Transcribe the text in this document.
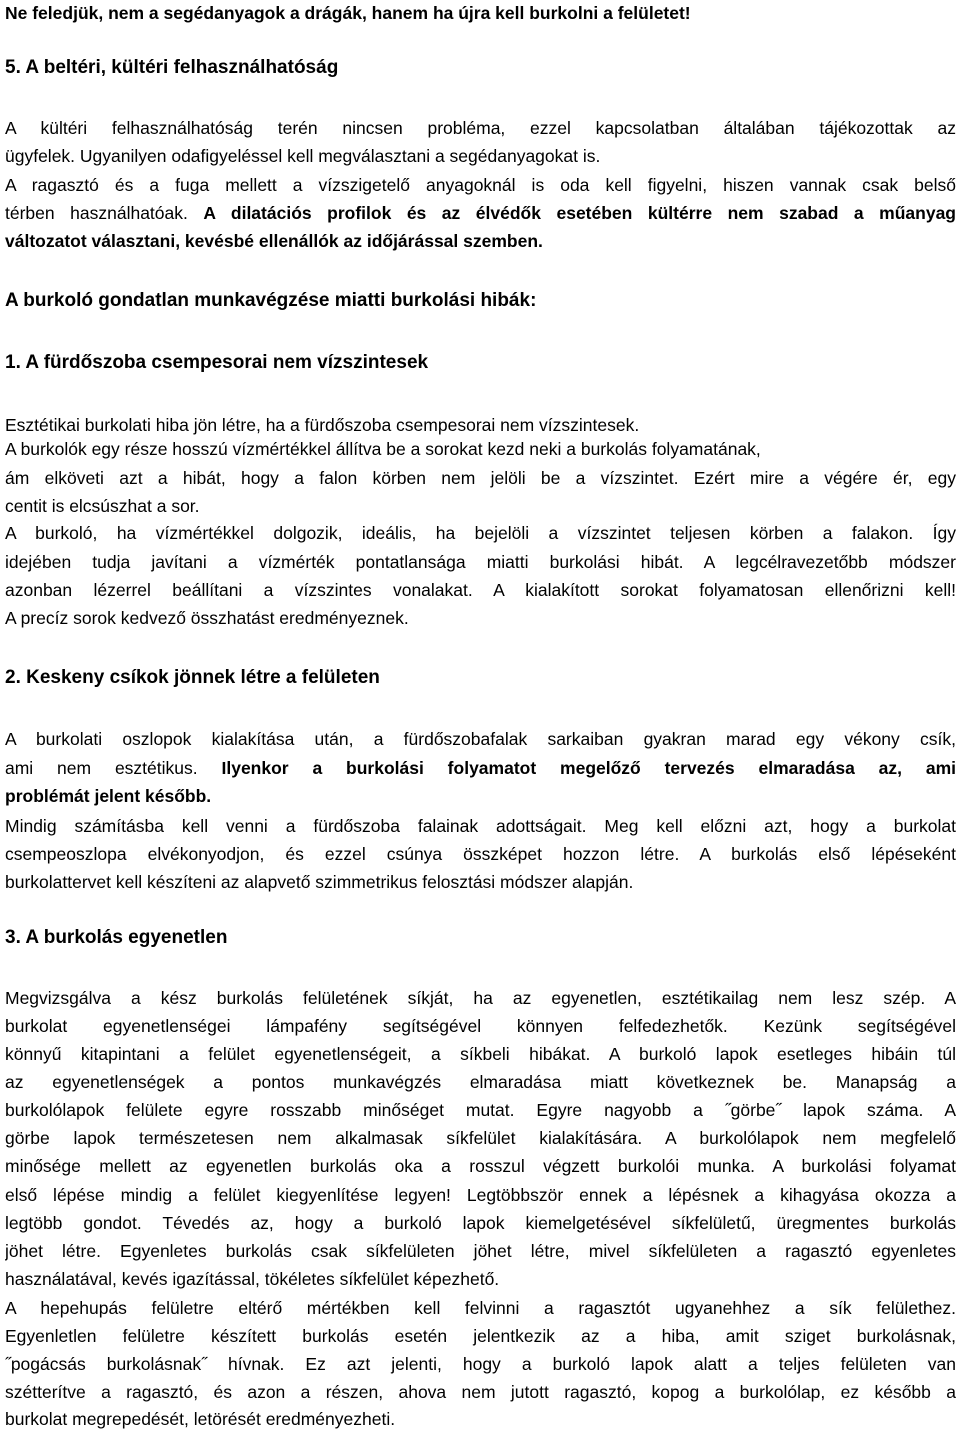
Ne feledjük, nem a segédanyagok a drágák, hanem ha újra kell burkolni a felületet!
5. A beltéri, kültéri felhasználhatóság
A kültéri felhasználhatóság terén nincsen probléma, ezzel kapcsolatban általában tájékozottak az
ügyfelek. Ugyanilyen odafigyeléssel kell megválasztani a segédanyagokat is.
A ragasztó és a fuga mellett a vízszigetelő anyagoknál is oda kell figyelni, hiszen vannak csak belső
térben használhatóak. A dilatációs profilok és az élvédők esetében kültérre nem szabad a műanyag
változatot választani, kevésbé ellenállók az időjárással szemben.
A burkoló gondatlan munkavégzése miatti burkolási hibák:
1. A fürdőszoba csempesorai nem vízszintesek
Esztétikai burkolati hiba jön létre, ha a fürdőszoba csempesorai nem vízszintesek.
A burkolók egy része hosszú vízmértékkel állítva be a sorokat kezd neki a burkolás folyamatának,
ám elköveti azt a hibát, hogy a falon körben nem jelöli be a vízszintet. Ezért mire a végére ér, egy
centit is elcsúszhat a sor.
A burkoló, ha vízmértékkel dolgozik, ideális, ha bejelöli a vízszintet teljesen körben a falakon. Így
idejében tudja javítani a vízmérték pontatlansága miatti burkolási hibát. A legcélravezetőbb módszer
azonban lézerrel beállítani a vízszintes vonalakat. A kialakított sorokat folyamatosan ellenőrizni kell!
A precíz sorok kedvező összhatást eredményeznek.
2. Keskeny csíkok jönnek létre a felületen
A burkolati oszlopok kialakítása után, a fürdőszobafalak sarkaiban gyakran marad egy vékony csík,
ami nem esztétikus. Ilyenkor a burkolási folyamatot megelőző tervezés elmaradása az, ami
problémát jelent később.
Mindig számításba kell venni a fürdőszoba falainak adottságait. Meg kell előzni azt, hogy a burkolat
csempeoszlopa elvékonyodjon, és ezzel csúnya összképet hozzon létre. A burkolás első lépéseként
burkolattervet kell készíteni az alapvető szimmetrikus felosztási módszer alapján.
3. A burkolás egyenetlen
Megvizsgálva a kész burkolás felületének síkját, ha az egyenetlen, esztétikailag nem lesz szép. A
burkolat egyenetlenségei lámpafény segítségével könnyen felfedezhetők. Kezünk segítségével
könnyű kitapintani a felület egyenetlenségeit, a síkbeli hibákat. A burkoló lapok esetleges hibáin túl
az egyenetlenségek a pontos munkavégzés elmaradása miatt következnek be. Manapság a
burkolólapok felülete egyre rosszabb minőséget mutat. Egyre nagyobb a ˝görbe˝ lapok száma. A
görbe lapok természetesen nem alkalmasak síkfelület kialakítására. A burkolólapok nem megfelelő
minősége mellett az egyenetlen burkolás oka a rosszul végzett burkolói munka. A burkolási folyamat
első lépése mindig a felület kiegyenlítése legyen! Legtöbbször ennek a lépésnek a kihagyása okozza a
legtöbb gondot. Tévedés az, hogy a burkoló lapok kiemelgetésével síkfelületű, üregmentes burkolás
jöhet létre. Egyenletes burkolás csak síkfelületen jöhet létre, mivel síkfelületen a ragasztó egyenletes
használatával, kevés igazítással, tökéletes síkfelület képezhető.
A hepehupás felületre eltérő mértékben kell felvinni a ragasztót ugyanehhez a sík felülethez.
Egyenletlen felületre készített burkolás esetén jelentkezik az a hiba, amit sziget burkolásnak,
˝pogácsás burkolásnak˝ hívnak. Ez azt jelenti, hogy a burkoló lapok alatt a teljes felületen van
szétterítve a ragasztó, és azon a részen, ahova nem jutott ragasztó, kopog a burkolólap, ez később a
burkolat megrepedését, letörését eredményezheti.
